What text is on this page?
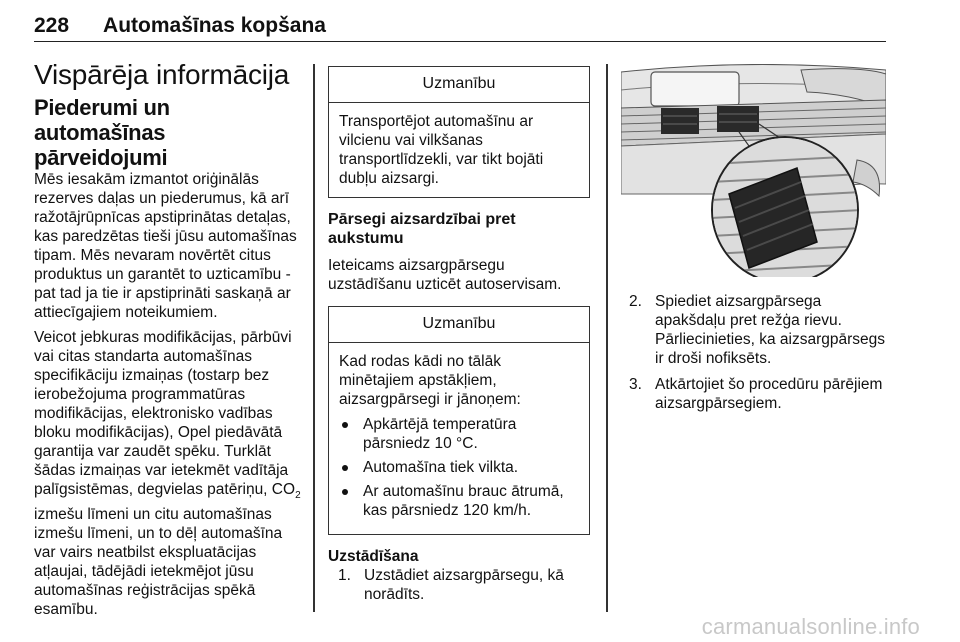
228 Automašīnas kopšana
Vispārēja informācija
Piederumi un automašīnas pārveidojumi

Mēs iesakām izmantot oriģinālās rezerves daļas un piederumus, kā arī ražotājrūpnīcas apstiprinātas detaļas, kas paredzētas tieši jūsu automašīnas tipam. Mēs nevaram novērtēt citus produktus un garantēt to uzticamību - pat tad ja tie ir apstiprināti saskaņā ar attiecīgajiem noteikumiem.

Veicot jebkuras modifikācijas, pārbūvi vai citas standarta automašīnas specifikāciju izmaiņas (tostarp bez ierobežojuma programmatūras modifikācijas, elektronisko vadības bloku modifikācijas), Opel piedāvātā garantija var zaudēt spēku. Turklāt šādas izmaiņas var ietekmēt vadītāja palīgsistēmas, degvielas patēriņu, $CO_2$ izmešu līmeni un citu automašīnas izmešu līmeni, un to dēļ automašīna var vairs neatbilst ekspluatācijas atļaujai, tādējādi ietekmējot jūsu automašīnas reģistrācijas spēkā esamību.

Uzmanību
Transportējot automašīnu ar vilcienu vai vilkšanas transportlīdzekli, var tikt bojāti dubļu aizsargi.
Pārsegi aizsardzībai pret aukstumu

Ieteicams aizsargpārsegu uzstādīšanu uzticēt autoservisam.

Uzmanību
Kad rodas kādi no tālāk minētajiem apstākļiem, aizsargpārsegi ir jānoņem:
Apkārtējā temperatūra pārsniedz 10 °C.
Automašīna tiek vilkta.
Ar automašīnu brauc ātrumā, kas pārsniedz 120 km/h.
Uzstādīšana
1. Uzstādiet aizsargpārsegu, kā norādīts.
2. Spiediet aizsargpārsega apakšdaļu pret režģa rievu. Pārliecinieties, ka aizsargpārsegs ir droši nofiksēts.
3. Atkārtojiet šo procedūru pārējiem aizsargpārsegiem.
carmanualsonline.info
